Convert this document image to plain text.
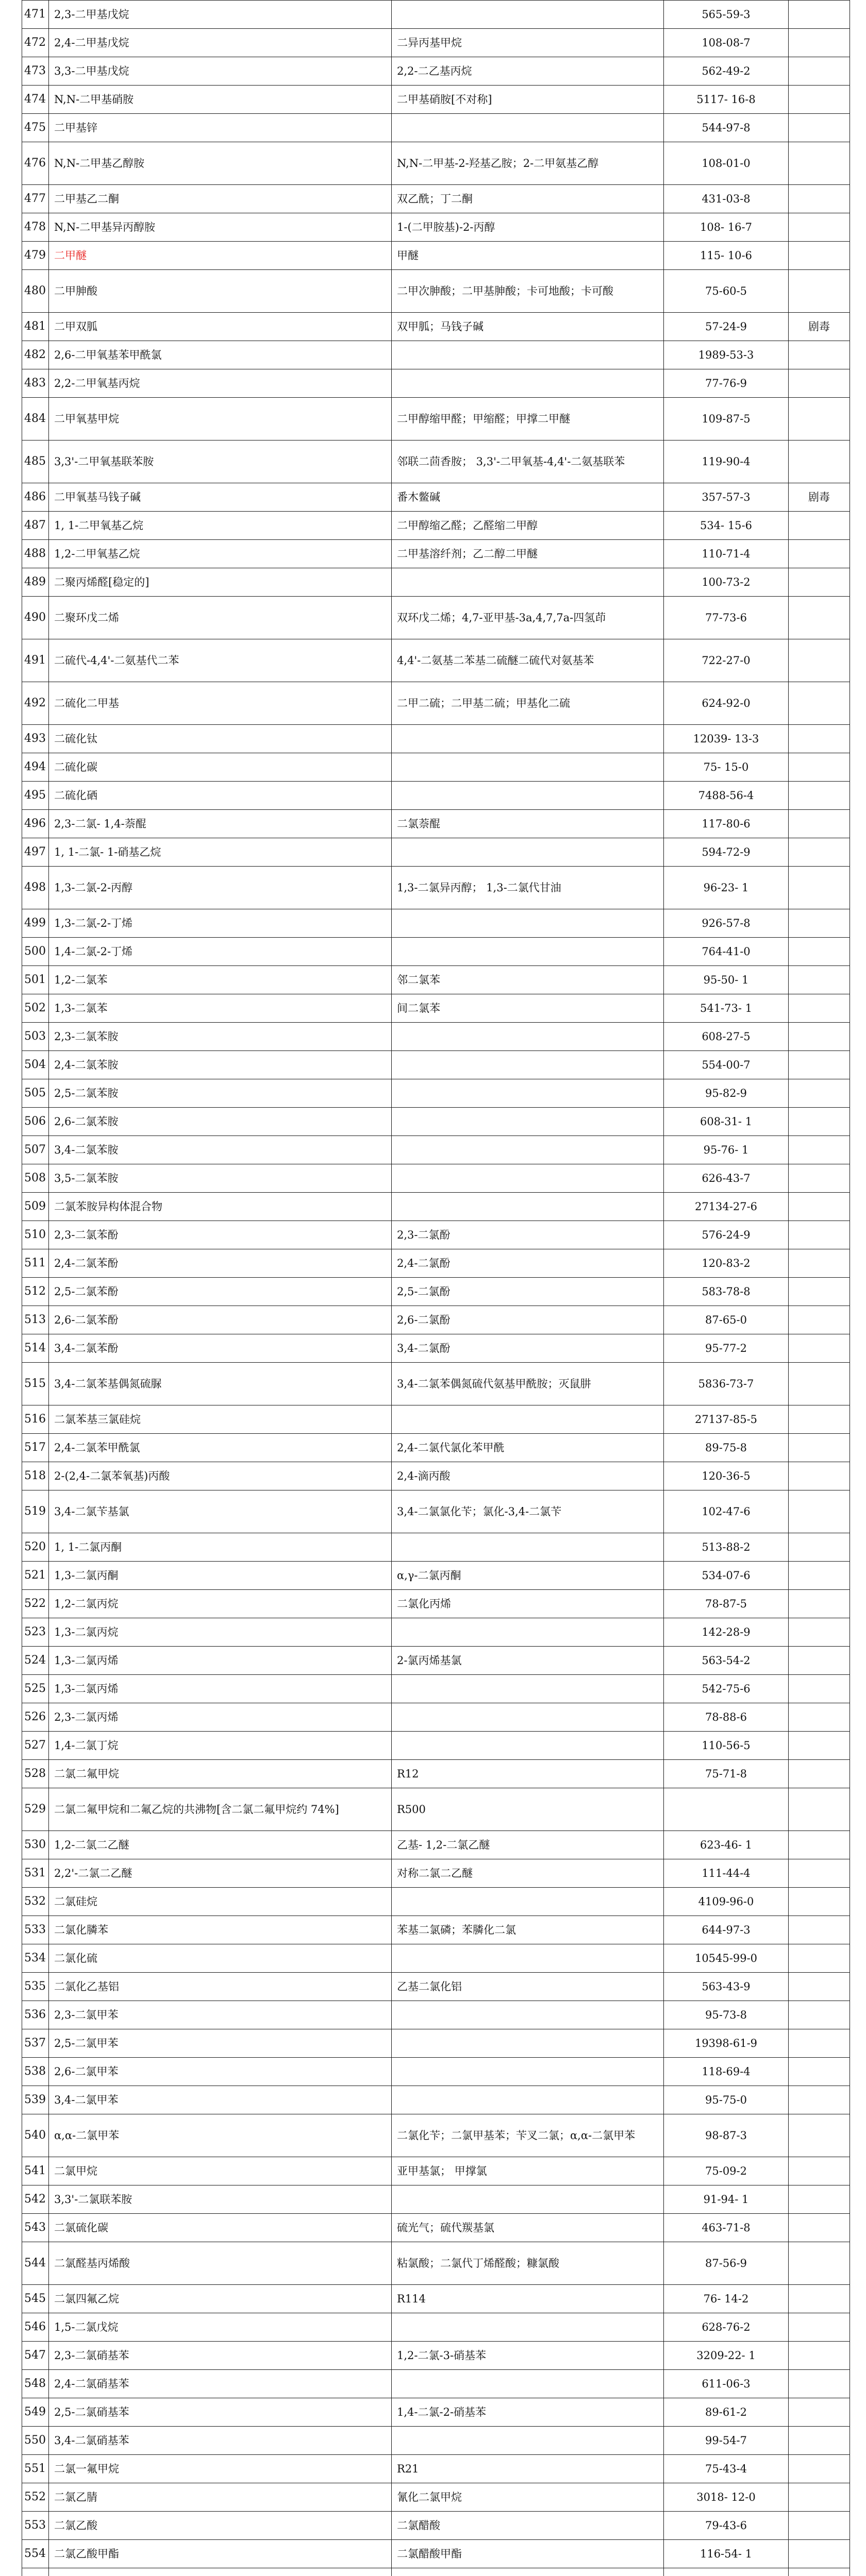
471	2,3-二甲基戊烷		565-59-3	
472	2,4-二甲基戊烷	二异丙基甲烷	108-08-7	
473	3,3-二甲基戊烷	2,2-二乙基丙烷	562-49-2	
474	N,N-二甲基硝胺	二甲基硝胺[不对称]	5117- 16-8	
475	二甲基锌		544-97-8	
476	N,N-二甲基乙醇胺	N,N-二甲基-2-羟基乙胺；2-二甲氨基乙醇	108-01-0	
477	二甲基乙二酮	双乙酰；丁二酮	431-03-8	
478	N,N-二甲基异丙醇胺	1-(二甲胺基)-2-丙醇	108- 16-7	
479	二甲醚	甲醚	115- 10-6	
480	二甲胂酸	二甲次胂酸；二甲基胂酸；卡可地酸；卡可酸	75-60-5	
481	二甲双胍	双甲胍；马钱子碱	57-24-9	剧毒
482	2,6-二甲氧基苯甲酰氯		1989-53-3	
483	2,2-二甲氧基丙烷		77-76-9	
484	二甲氧基甲烷	二甲醇缩甲醛；甲缩醛；甲撑二甲醚	109-87-5	
485	3,3'-二甲氧基联苯胺	邻联二茴香胺； 3,3'-二甲氧基-4,4'-二氨基联苯	119-90-4	
486	二甲氧基马钱子碱	番木鳖碱	357-57-3	剧毒
487	1, 1-二甲氧基乙烷	二甲醇缩乙醛；乙醛缩二甲醇	534- 15-6	
488	1,2-二甲氧基乙烷	二甲基溶纤剂；乙二醇二甲醚	110-71-4	
489	二聚丙烯醛[稳定的]		100-73-2	
490	二聚环戊二烯	双环戊二烯；4,7-亚甲基-3a,4,7,7a-四氢茚	77-73-6	
491	二硫代-4,4'-二氨基代二苯	4,4'-二氨基二苯基二硫醚二硫代对氨基苯	722-27-0	
492	二硫化二甲基	二甲二硫；二甲基二硫；甲基化二硫	624-92-0	
493	二硫化钛		12039- 13-3	
494	二硫化碳		75- 15-0	
495	二硫化硒		7488-56-4	
496	2,3-二氯- 1,4-萘醌	二氯萘醌	117-80-6	
497	1, 1-二氯- 1-硝基乙烷		594-72-9	
498	1,3-二氯-2-丙醇	1,3-二氯异丙醇； 1,3-二氯代甘油	96-23- 1	
499	1,3-二氯-2-丁烯		926-57-8	
500	1,4-二氯-2-丁烯		764-41-0	
501	1,2-二氯苯	邻二氯苯	95-50- 1	
502	1,3-二氯苯	间二氯苯	541-73- 1	
503	2,3-二氯苯胺		608-27-5	
504	2,4-二氯苯胺		554-00-7	
505	2,5-二氯苯胺		95-82-9	
506	2,6-二氯苯胺		608-31- 1	
507	3,4-二氯苯胺		95-76- 1	
508	3,5-二氯苯胺		626-43-7	
509	二氯苯胺异构体混合物		27134-27-6	
510	2,3-二氯苯酚	2,3-二氯酚	576-24-9	
511	2,4-二氯苯酚	2,4-二氯酚	120-83-2	
512	2,5-二氯苯酚	2,5-二氯酚	583-78-8	
513	2,6-二氯苯酚	2,6-二氯酚	87-65-0	
514	3,4-二氯苯酚	3,4-二氯酚	95-77-2	
515	3,4-二氯苯基偶氮硫脲	3,4-二氯苯偶氮硫代氨基甲酰胺；灭鼠肼	5836-73-7	
516	二氯苯基三氯硅烷		27137-85-5	
517	2,4-二氯苯甲酰氯	2,4-二氯代氯化苯甲酰	89-75-8	
518	2-(2,4-二氯苯氧基)丙酸	2,4-滴丙酸	120-36-5	
519	3,4-二氯苄基氯	3,4-二氯氯化苄；氯化-3,4-二氯苄	102-47-6	
520	1, 1-二氯丙酮		513-88-2	
521	1,3-二氯丙酮	α,γ-二氯丙酮	534-07-6	
522	1,2-二氯丙烷	二氯化丙烯	78-87-5	
523	1,3-二氯丙烷		142-28-9	
524	1,3-二氯丙烯	2-氯丙烯基氯	563-54-2	
525	1,3-二氯丙烯		542-75-6	
526	2,3-二氯丙烯		78-88-6	
527	1,4-二氯丁烷		110-56-5	
528	二氯二氟甲烷	R12	75-71-8	
529	二氯二氟甲烷和二氟乙烷的共沸物[含二氯二氟甲烷约 74%]	R500		
530	1,2-二氯二乙醚	乙基- 1,2-二氯乙醚	623-46- 1	
531	2,2'-二氯二乙醚	对称二氯二乙醚	111-44-4	
532	二氯硅烷		4109-96-0	
533	二氯化膦苯	苯基二氯磷；苯膦化二氯	644-97-3	
534	二氯化硫		10545-99-0	
535	二氯化乙基铝	乙基二氯化铝	563-43-9	
536	2,3-二氯甲苯		95-73-8	
537	2,5-二氯甲苯		19398-61-9	
538	2,6-二氯甲苯		118-69-4	
539	3,4-二氯甲苯		95-75-0	
540	α,α-二氯甲苯	二氯化苄；二氯甲基苯；苄叉二氯；α,α-二氯甲苯	98-87-3	
541	二氯甲烷	亚甲基氯； 甲撑氯	75-09-2	
542	3,3'-二氯联苯胺		91-94- 1	
543	二氯硫化碳	硫光气；硫代羰基氯	463-71-8	
544	二氯醛基丙烯酸	粘氯酸；二氯代丁烯醛酸；糠氯酸	87-56-9	
545	二氯四氟乙烷	R114	76- 14-2	
546	1,5-二氯戊烷		628-76-2	
547	2,3-二氯硝基苯	1,2-二氯-3-硝基苯	3209-22- 1	
548	2,4-二氯硝基苯		611-06-3	
549	2,5-二氯硝基苯	1,4-二氯-2-硝基苯	89-61-2	
550	3,4-二氯硝基苯		99-54-7	
551	二氯一氟甲烷	R21	75-43-4	
552	二氯乙腈	氰化二氯甲烷	3018- 12-0	
553	二氯乙酸	二氯醋酸	79-43-6	
554	二氯乙酸甲酯	二氯醋酸甲酯	116-54- 1	
